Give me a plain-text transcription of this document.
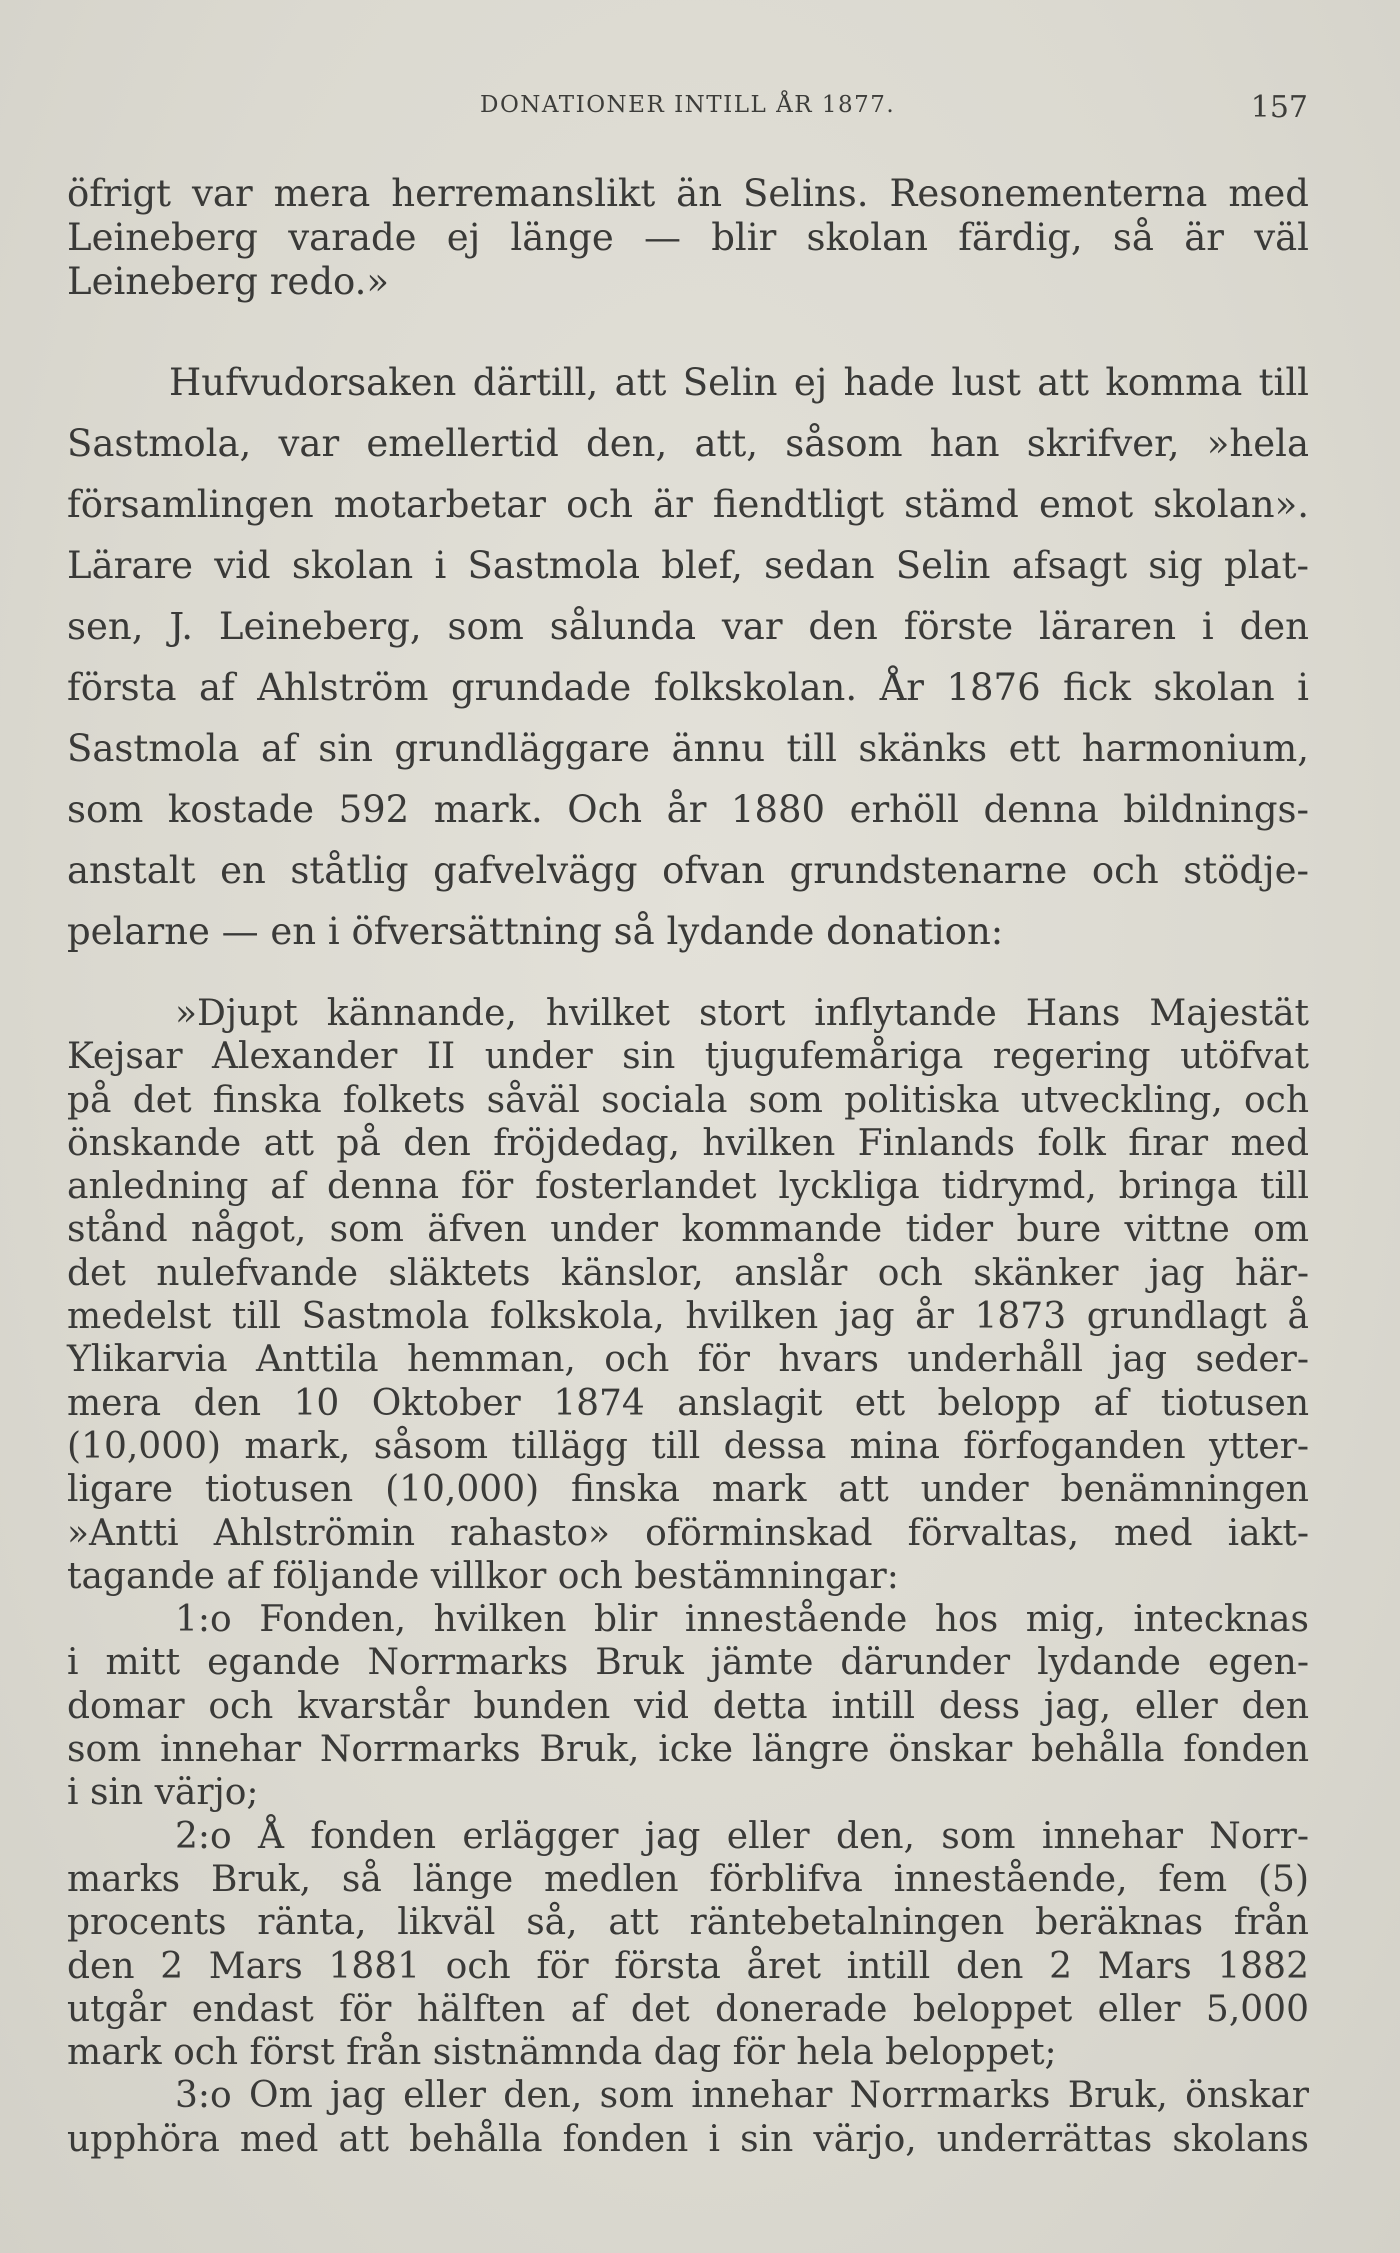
DONATIONER INTILL ÅR 1877.	157
öfrigt var mera herremanslikt än Selins. Resonementerna med
Leineberg varade ej länge — blir skolan färdig, så är väl
Leineberg redo.»
Hufvudorsaken därtill, att Selin ej hade lust att komma till
Sastmola, var emellertid den, att, såsom han skrifver, »hela
församlingen motarbetar och är fiendtligt stämd emot skolan».
Lärare vid skolan i Sastmola blef, sedan Selin afsagt sig plat-
sen, J. Leineberg, som sålunda var den förste läraren i den
första af Ahlström grundade folkskolan. År 1876 fick skolan i
Sastmola af sin grundläggare ännu till skänks ett harmonium,
som kostade 592 mark. Och år 1880 erhöll denna bildnings-
anstalt en ståtlig gafvelvägg ofvan grundstenarne och stödje-
pelarne — en i öfversättning så lydande donation:
»Djupt kännande, hvilket stort inflytande Hans Majestät
Kejsar Alexander II under sin tjugufemåriga regering utöfvat
på det finska folkets såväl sociala som politiska utveckling, och
önskande att på den fröjdedag, hvilken Finlands folk firar med
anledning af denna för fosterlandet lyckliga tidrymd, bringa till
stånd något, som äfven under kommande tider bure vittne om
det nulefvande släktets känslor, anslår och skänker jag här-
medelst till Sastmola folkskola, hvilken jag år 1873 grundlagt å
Ylikarvia Anttila hemman, och för hvars underhåll jag seder-
mera den 10 Oktober 1874 anslagit ett belopp af tiotusen
(10,000) mark, såsom tillägg till dessa mina förfoganden ytter-
ligare tiotusen (10,000) finska mark att under benämningen
»Antti Ahlströmin rahasto» oförminskad förvaltas, med iakt-
tagande af följande villkor och bestämningar:
1:o Fonden, hvilken blir innestående hos mig, intecknas
i mitt egande Norrmarks Bruk jämte därunder lydande egen-
domar och kvarstår bunden vid detta intill dess jag, eller den
som innehar Norrmarks Bruk, icke längre önskar behålla fonden
i sin värjo;
2:o Å fonden erlägger jag eller den, som innehar Norr-
marks Bruk, så länge medlen förblifva innestående, fem (5)
procents ränta, likväl så, att räntebetalningen beräknas från
den 2 Mars 1881 och för första året intill den 2 Mars 1882
utgår endast för hälften af det donerade beloppet eller 5,000
mark och först från sistnämnda dag för hela beloppet;
3:o Om jag eller den, som innehar Norrmarks Bruk, önskar
upphöra med att behålla fonden i sin värjo, underrättas skolans
